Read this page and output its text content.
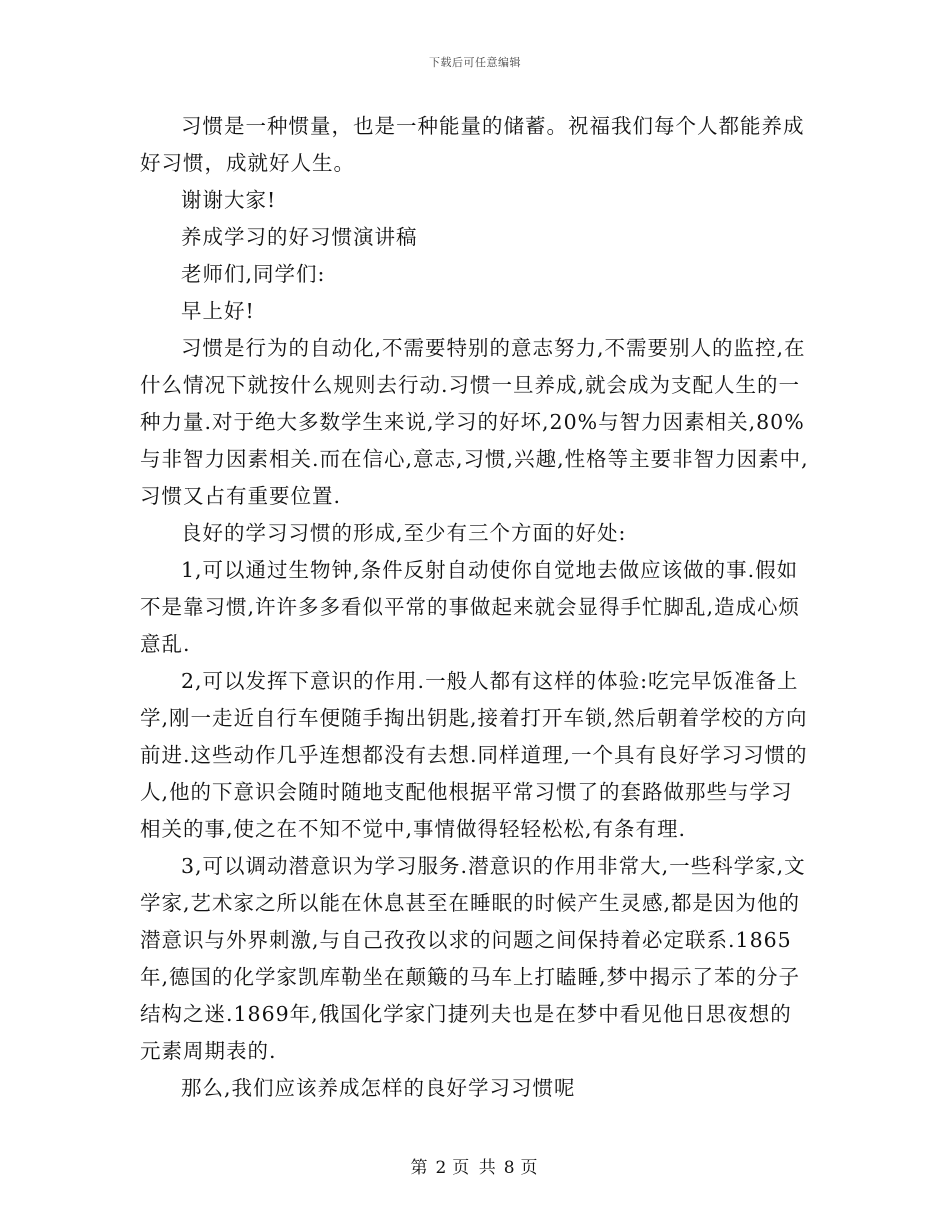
下载后可任意编辑

习惯是一种惯量，也是一种能量的储蓄。祝福我们每个人都能养成好习惯，成就好人生。

谢谢大家!

养成学习的好习惯演讲稿

老师们,同学们:

早上好!

习惯是行为的自动化,不需要特别的意志努力,不需要别人的监控,在什么情况下就按什么规则去行动.习惯一旦养成,就会成为支配人生的一种力量.对于绝大多数学生来说,学习的好坏,20%与智力因素相关,80%与非智力因素相关.而在信心,意志,习惯,兴趣,性格等主要非智力因素中,习惯又占有重要位置.

良好的学习习惯的形成,至少有三个方面的好处:

1,可以通过生物钟,条件反射自动使你自觉地去做应该做的事.假如不是靠习惯,许许多多看似平常的事做起来就会显得手忙脚乱,造成心烦意乱.

2,可以发挥下意识的作用.一般人都有这样的体验:吃完早饭准备上学,刚一走近自行车便随手掏出钥匙,接着打开车锁,然后朝着学校的方向前进.这些动作几乎连想都没有去想.同样道理,一个具有良好学习习惯的人,他的下意识会随时随地支配他根据平常习惯了的套路做那些与学习相关的事,使之在不知不觉中,事情做得轻轻松松,有条有理.

3,可以调动潜意识为学习服务.潜意识的作用非常大,一些科学家,文学家,艺术家之所以能在休息甚至在睡眠的时候产生灵感,都是因为他的潜意识与外界刺激,与自己孜孜以求的问题之间保持着必定联系.1865年,德国的化学家凯库勒坐在颠簸的马车上打瞌睡,梦中揭示了苯的分子结构之迷.1869年,俄国化学家门捷列夫也是在梦中看见他日思夜想的元素周期表的.

那么,我们应该养成怎样的良好学习习惯呢

第 2 页 共 8 页
